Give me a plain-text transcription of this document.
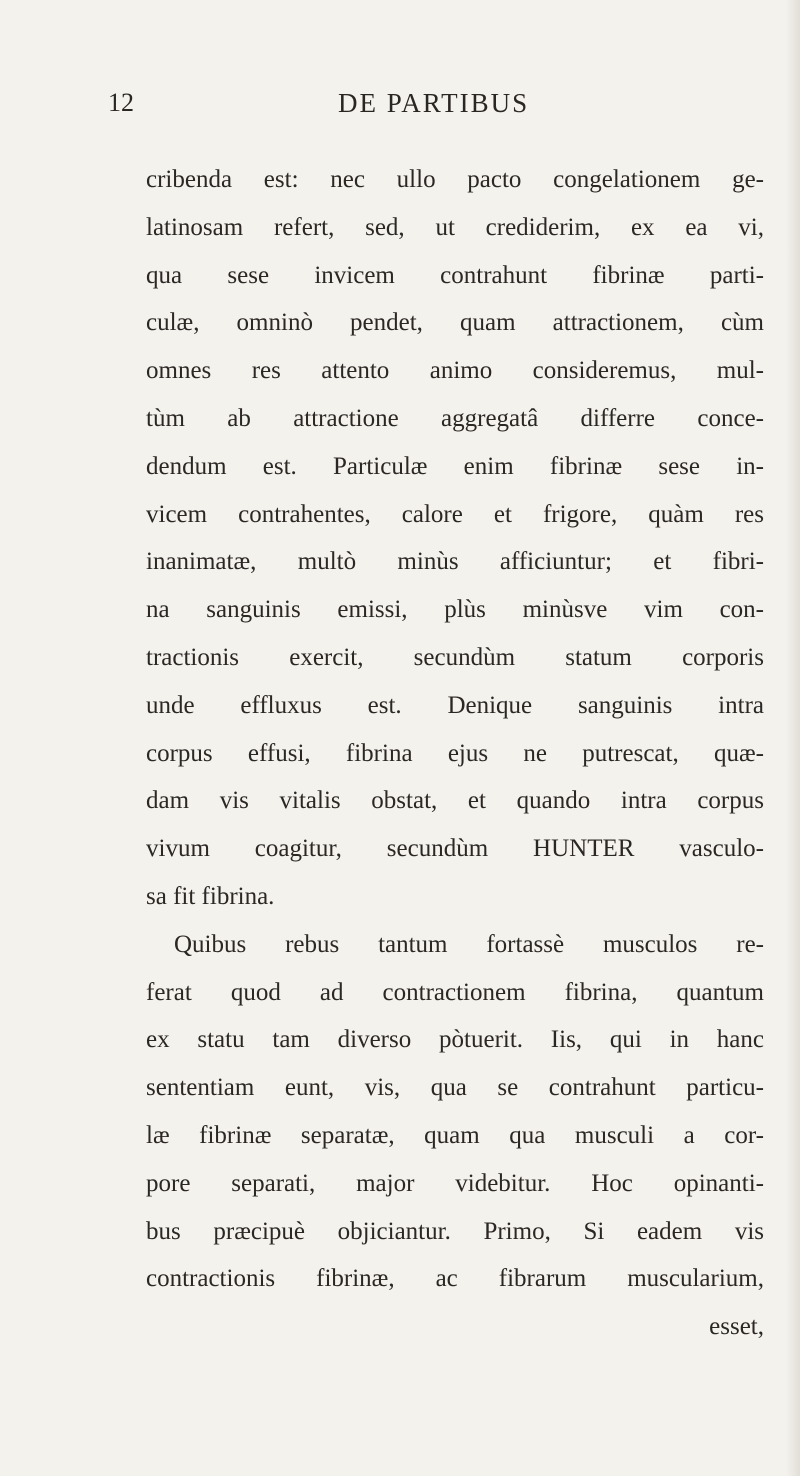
12	DE PARTIBUS
cribenda est: nec ullo pacto congelationem ge-
latinosam refert, sed, ut crediderim, ex ea vi,
qua sese invicem contrahunt fibrinæ parti-
culæ, omninò pendet, quam attractionem, cùm
omnes res attento animo consideremus, mul-
tùm ab attractione aggregatâ differre conce-
dendum est. Particulæ enim fibrinæ sese in-
vicem contrahentes, calore et frigore, quàm res
inanimatæ, multò minùs afficiuntur; et fibri-
na sanguinis emissi, plùs minùsve vim con-
tractionis exercit, secundùm statum corporis
unde effluxus est. Denique sanguinis intra
corpus effusi, fibrina ejus ne putrescat, quæ-
dam vis vitalis obstat, et quando intra corpus
vivum coagitur, secundùm HUNTER vasculo-
sa fit fibrina.
Quibus rebus tantum fortassè musculos re-
ferat quod ad contractionem fibrina, quantum
ex statu tam diverso pòtuerit. Iis, qui in hanc
sententiam eunt, vis, qua se contrahunt particu-
læ fibrinæ separatæ, quam qua musculi a cor-
pore separati, major videbitur. Hoc opinanti-
bus præcipuè objiciantur. Primo, Si eadem vis
contractionis fibrinæ, ac fibrarum muscularium,
esset,
